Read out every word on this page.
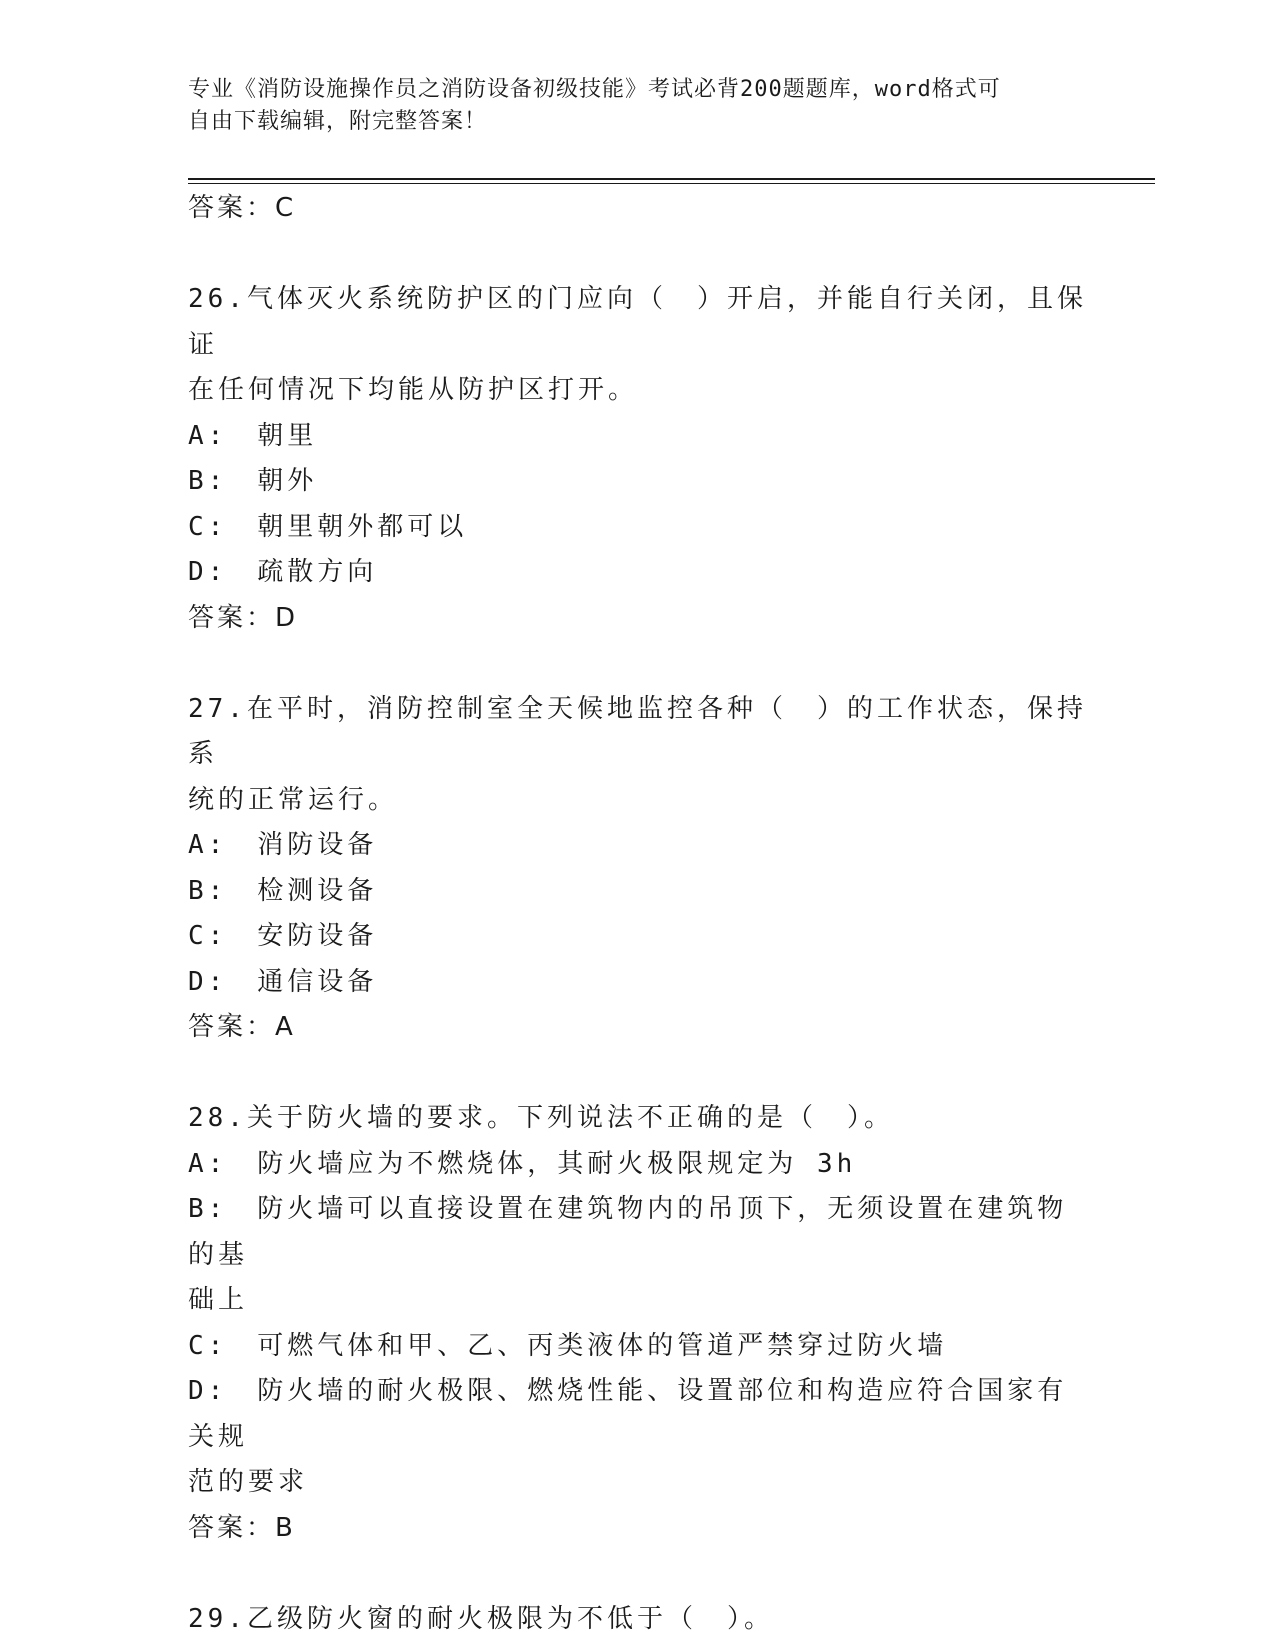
专业《消防设施操作员之消防设备初级技能》考试必背200题题库，word格式可
自由下载编辑，附完整答案！
答案：C
26.气体灭火系统防护区的门应向（　）开启，并能自行关闭，且保证
在任何情况下均能从防护区打开。
A:　朝里
B:　朝外
C:　朝里朝外都可以
D:　疏散方向
答案：D
27.在平时，消防控制室全天候地监控各种（　）的工作状态，保持系
统的正常运行。
A:　消防设备
B:　检测设备
C:　安防设备
D:　通信设备
答案：A
28.关于防火墙的要求。下列说法不正确的是（　）。
A:　防火墙应为不燃烧体，其耐火极限规定为 3h
B:　防火墙可以直接设置在建筑物内的吊顶下，无须设置在建筑物的基
础上
C:　可燃气体和甲、乙、丙类液体的管道严禁穿过防火墙
D:　防火墙的耐火极限、燃烧性能、设置部位和构造应符合国家有关规
范的要求
答案：B
29.乙级防火窗的耐火极限为不低于（　）。
